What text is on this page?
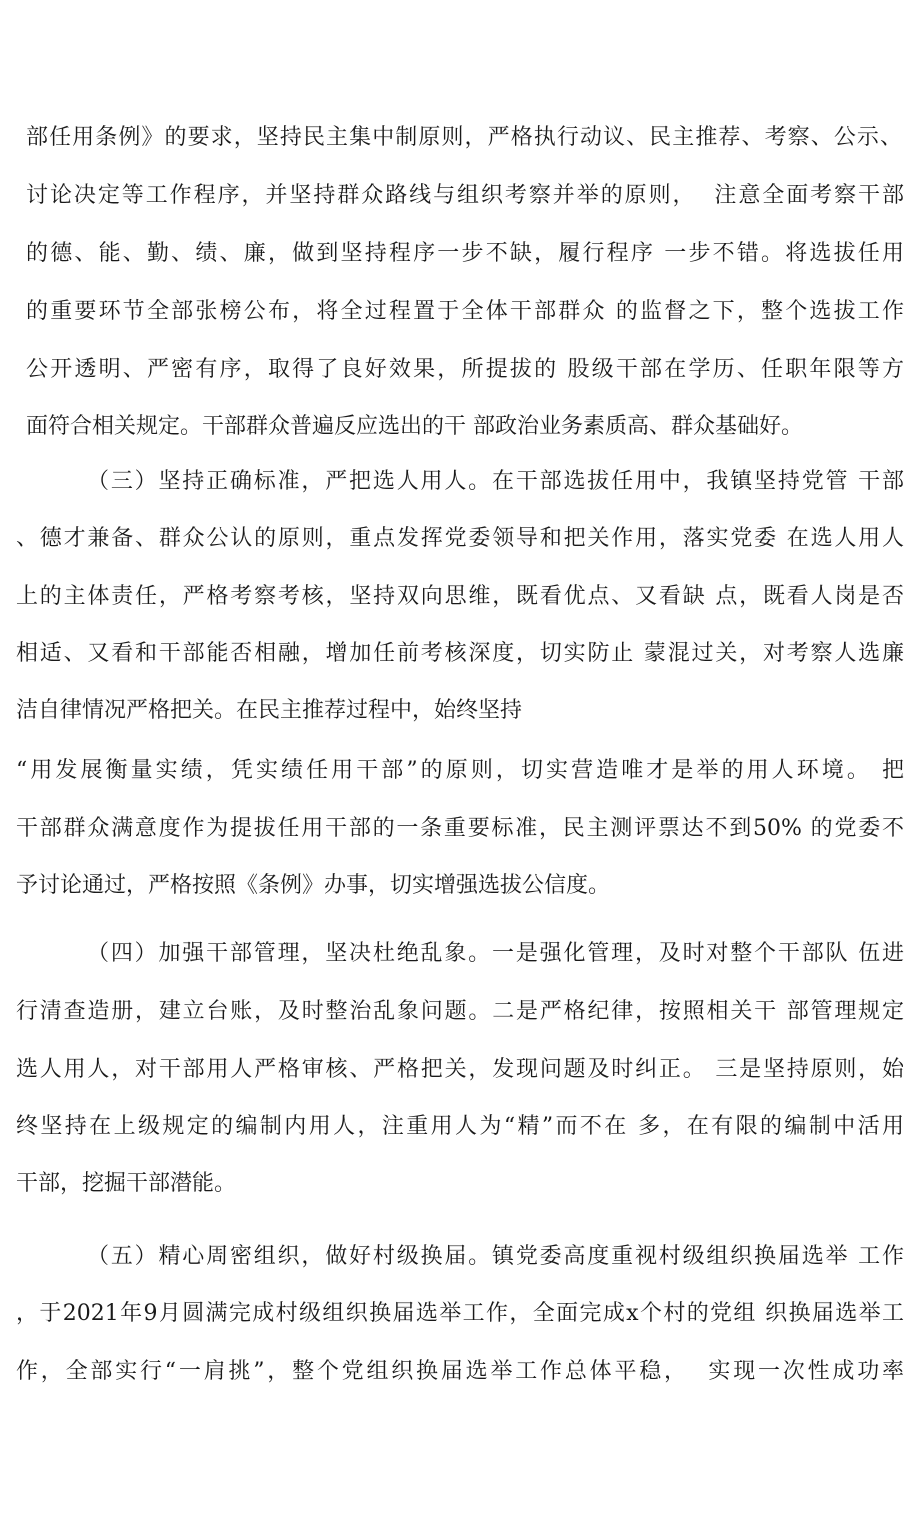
部任用条例》的要求，坚持民主集中制原则，严格执行动议、民主推荐、考察、公示、
讨论决定等工作程序，并坚持群众路线与组织考察并举的原则，  注意全面考察干部
的德、能、勤、绩、廉，做到坚持程序一步不缺，履行程序 一步不错。将选拔任用
的重要环节全部张榜公布，将全过程置于全体干部群众 的监督之下，整个选拔工作
公开透明、严密有序，取得了良好效果，所提拔的 股级干部在学历、任职年限等方
面符合相关规定。干部群众普遍反应选出的干 部政治业务素质高、群众基础好。
（三）坚持正确标准，严把选人用人。在干部选拔任用中，我镇坚持党管 干部
、德才兼备、群众公认的原则，重点发挥党委领导和把关作用，落实党委 在选人用人
上的主体责任，严格考察考核，坚持双向思维，既看优点、又看缺 点，既看人岗是否
相适、又看和干部能否相融，增加任前考核深度，切实防止 蒙混过关，对考察人选廉
洁自律情况严格把关。在民主推荐过程中，始终坚持
“用发展衡量实绩，凭实绩任用干部”的原则，切实营造唯才是举的用人环境。 把
干部群众满意度作为提拔任用干部的一条重要标准，民主测评票达不到50% 的党委不
予讨论通过，严格按照《条例》办事，切实增强选拔公信度。
（四）加强干部管理，坚决杜绝乱象。一是强化管理，及时对整个干部队 伍进
行清查造册，建立台账，及时整治乱象问题。二是严格纪律，按照相关干 部管理规定
选人用人，对干部用人严格审核、严格把关，发现问题及时纠正。 三是坚持原则，始
终坚持在上级规定的编制内用人，注重用人为“精”而不在 多，在有限的编制中活用
干部，挖掘干部潜能。
（五）精心周密组织，做好村级换届。镇党委高度重视村级组织换届选举 工作
，于2021年9月圆满完成村级组织换届选举工作，全面完成x个村的党组 织换届选举工
作，全部实行“一肩挑”，整个党组织换届选举工作总体平稳，  实现一次性成功率
